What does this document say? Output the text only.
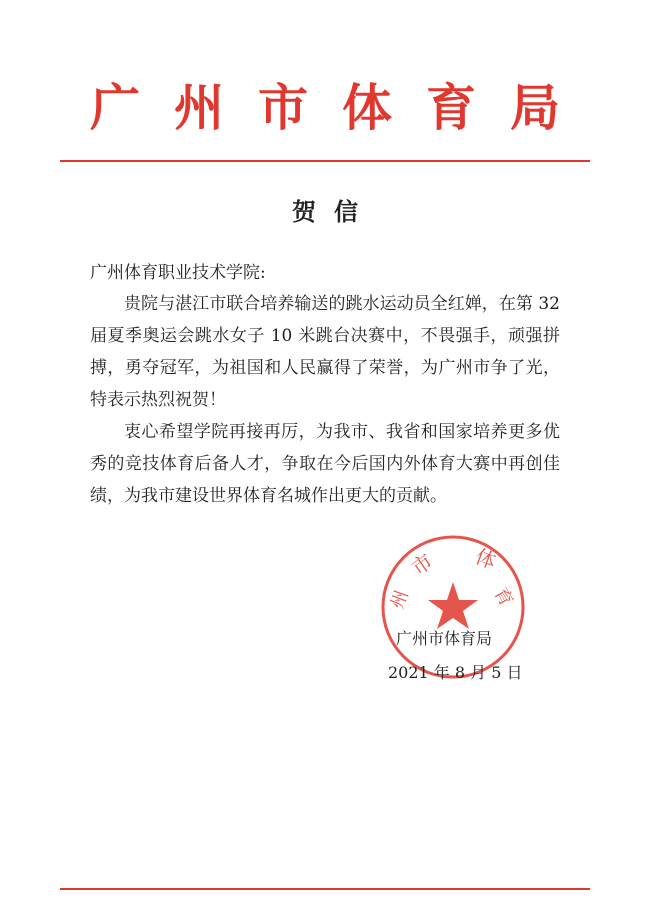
广州市体育局
贺信
广州体育职业技术学院:

贵院与湛江市联合培养输送的跳水运动员全红婵，在第 32 届夏季奥运会跳水女子 10 米跳台决赛中，不畏强手，顽强拼搏，勇夺冠军，为祖国和人民赢得了荣誉，为广州市争了光，特表示热烈祝贺！

衷心希望学院再接再厉，为我市、我省和国家培养更多优秀的竞技体育后备人才，争取在今后国内外体育大赛中再创佳绩，为我市建设世界体育名城作出更大的贡献。

市
州
体
育
广州市体育局
2021 年 8 月 5 日
